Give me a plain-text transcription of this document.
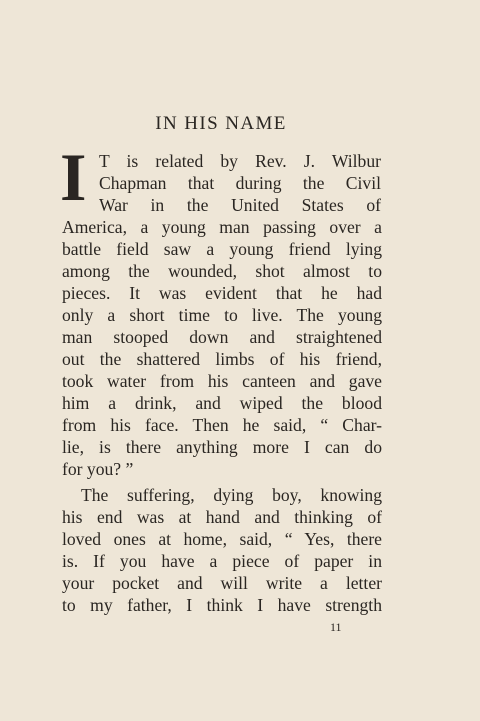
IN HIS NAME
I T is related by Rev. J. Wilbur
Chapman that during the Civil
War in the United States of
America, a young man passing over a
battle field saw a young friend lying
among the wounded, shot almost to
pieces. It was evident that he had
only a short time to live. The young
man stooped down and straightened
out the shattered limbs of his friend,
took water from his canteen and gave
him a drink, and wiped the blood
from his face. Then he said, “ Char-
lie, is there anything more I can do
for you? ”
The suffering, dying boy, knowing
his end was at hand and thinking of
loved ones at home, said, “ Yes, there
is. If you have a piece of paper in
your pocket and will write a letter
to my father, I think I have strength
11
